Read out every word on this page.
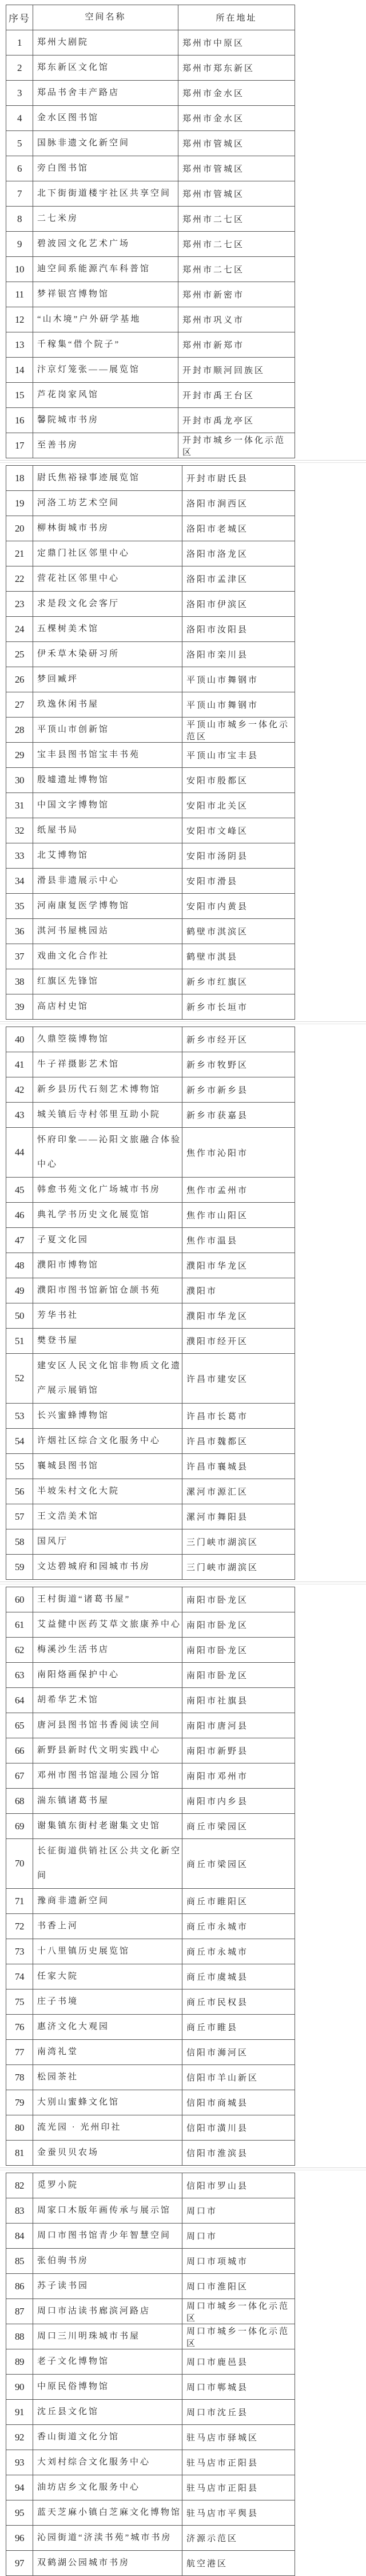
序号	空间名称	所在地址
1	郑州大剧院	郑州市中原区
2	郑东新区文化馆	郑州市郑东新区
3	郑品书舍丰产路店	郑州市金水区
4	金水区图书馆	郑州市金水区
5	国脉非遗文化新空间	郑州市管城区
6	旁白图书馆	郑州市管城区
7	北下街街道楼宇社区共享空间	郑州市管城区
8	二七米房	郑州市二七区
9	碧波园文化艺术广场	郑州市二七区
10	迪空间系能源汽车科普馆	郑州市二七区
11	梦祥银宫博物馆	郑州市新密市
12	“山木境”户外研学基地	郑州市巩义市
13	千稼集“借个院子”	郑州市新郑市
14	汴京灯笼张——展览馆	开封市顺河回族区
15	芦花岗家风馆	开封市禹王台区
16	馨院城市书房	开封市禹龙亭区
17	至善书房	开封市城乡一体化示范区
18	尉氏焦裕禄事迹展览馆	开封市尉氏县
19	河洛工坊艺术空间	洛阳市涧西区
20	柳林街城市书房	洛阳市老城区
21	定鼎门社区邻里中心	洛阳市洛龙区
22	营花社区邻里中心	洛阳市孟津区
23	求是段文化会客厅	洛阳市伊滨区
24	五棵树美术馆	洛阳市汝阳县
25	伊禾草木染研习所	洛阳市栾川县
26	梦回臧坪	平顶山市舞钢市
27	玖逸休闲书屋	平顶山市舞钢市
28	平顶山市创新馆	平顶山市城乡一体化示范区
29	宝丰县图书馆宝丰书苑	平顶山市宝丰县
30	殷墟遗址博物馆	安阳市殷都区
31	中国文字博物馆	安阳市北关区
32	纸屋书局	安阳市文峰区
33	北艾博物馆	安阳市汤阴县
34	滑县非遗展示中心	安阳市滑县
35	河南康复医学博物馆	安阳市内黄县
36	淇河书屋桃园站	鹤壁市淇滨区
37	戏曲文化合作社	鹤壁市淇县
38	红旗区先锋馆	新乡市红旗区
39	高店村史馆	新乡市长垣市
40	久鼎箜篌博物馆	新乡市经开区
41	牛子祥摄影艺术馆	新乡市牧野区
42	新乡县历代石刻艺术博物馆	新乡市新乡县
43	城关镇后寺村邻里互助小院	新乡市获嘉县
44	怀府印象——沁阳文旅融合体验中心	焦作市沁阳市
45	韩愈书苑文化广场城市书房	焦作市孟州市
46	典礼学书历史文化展览馆	焦作市山阳区
47	子夏文化园	焦作市温县
48	濮阳市博物馆	濮阳市华龙区
49	濮阳市图书馆新馆仓颉书苑	濮阳市
50	芳华书社	濮阳市华龙区
51	樊登书屋	濮阳市经开区
52	建安区人民文化馆非物质文化遗产展示展销馆	许昌市建安区
53	长兴蜜蜂博物馆	许昌市长葛市
54	许烟社区综合文化服务中心	许昌市魏都区
55	襄城县图书馆	许昌市襄城县
56	半坡朱村文化大院	漯河市源汇区
57	王文浩美术馆	漯河市舞阳县
58	国风厅	三门峡市湖滨区
59	文达碧城府和园城市书房	三门峡市湖滨区
60	王村街道“诸葛书屋”	南阳市卧龙区
61	艾益健中医药艾草文旅康养中心	南阳市卧龙区
62	梅溪沙生活书店	南阳市卧龙区
63	南阳烙画保护中心	南阳市卧龙区
64	胡希华艺术馆	南阳市社旗县
65	唐河县图书馆书香阅读空间	南阳市唐河县
66	新野县新时代文明实践中心	南阳市新野县
67	邓州市图书馆湿地公园分馆	南阳市邓州市
68	湍东镇诸葛书屋	南阳市内乡县
69	谢集镇东街村老谢集文史馆	商丘市梁园区
70	长征街道供销社区公共文化新空间	商丘市梁园区
71	豫商非遗新空间	商丘市睢阳区
72	书香上河	商丘市永城市
73	十八里镇历史展览馆	商丘市永城市
74	任家大院	商丘市虞城县
75	庄子书境	商丘市民权县
76	惠济文化大观园	商丘市睢县
77	南湾礼堂	信阳市浉河区
78	松园茶社	信阳市羊山新区
79	大别山蜜蜂文化馆	信阳市商城县
80	流光园 · 光州印社	信阳市潢川县
81	金蚕贝贝农场	信阳市淮滨县
82	觅罗小院	信阳市罗山县
83	周家口木版年画传承与展示馆	周口市
84	周口市图书馆青少年智慧空间	周口市
85	张伯驹书房	周口市项城市
86	苏子读书园	周口市淮阳区
87	周口市沽读书廊滨河路店	周口市城乡一体化示范区
88	周口三川明珠城市书屋	周口市城乡一体化示范区
89	老子文化博物馆	周口市鹿邑县
90	中原民俗博物馆	周口市郸城县
91	沈丘县文化馆	周口市沈丘县
92	香山街道文化分馆	驻马店市驿城区
93	大刘村综合文化服务中心	驻马店市正阳县
94	油坊店乡文化服务中心	驻马店市正阳县
95	蓝天芝麻小镇白芝麻文化博物馆	驻马店市平舆县
96	沁园街道“济渎书苑”城市书房	济源示范区
97	双鹤湖公园城市书房	航空港区
